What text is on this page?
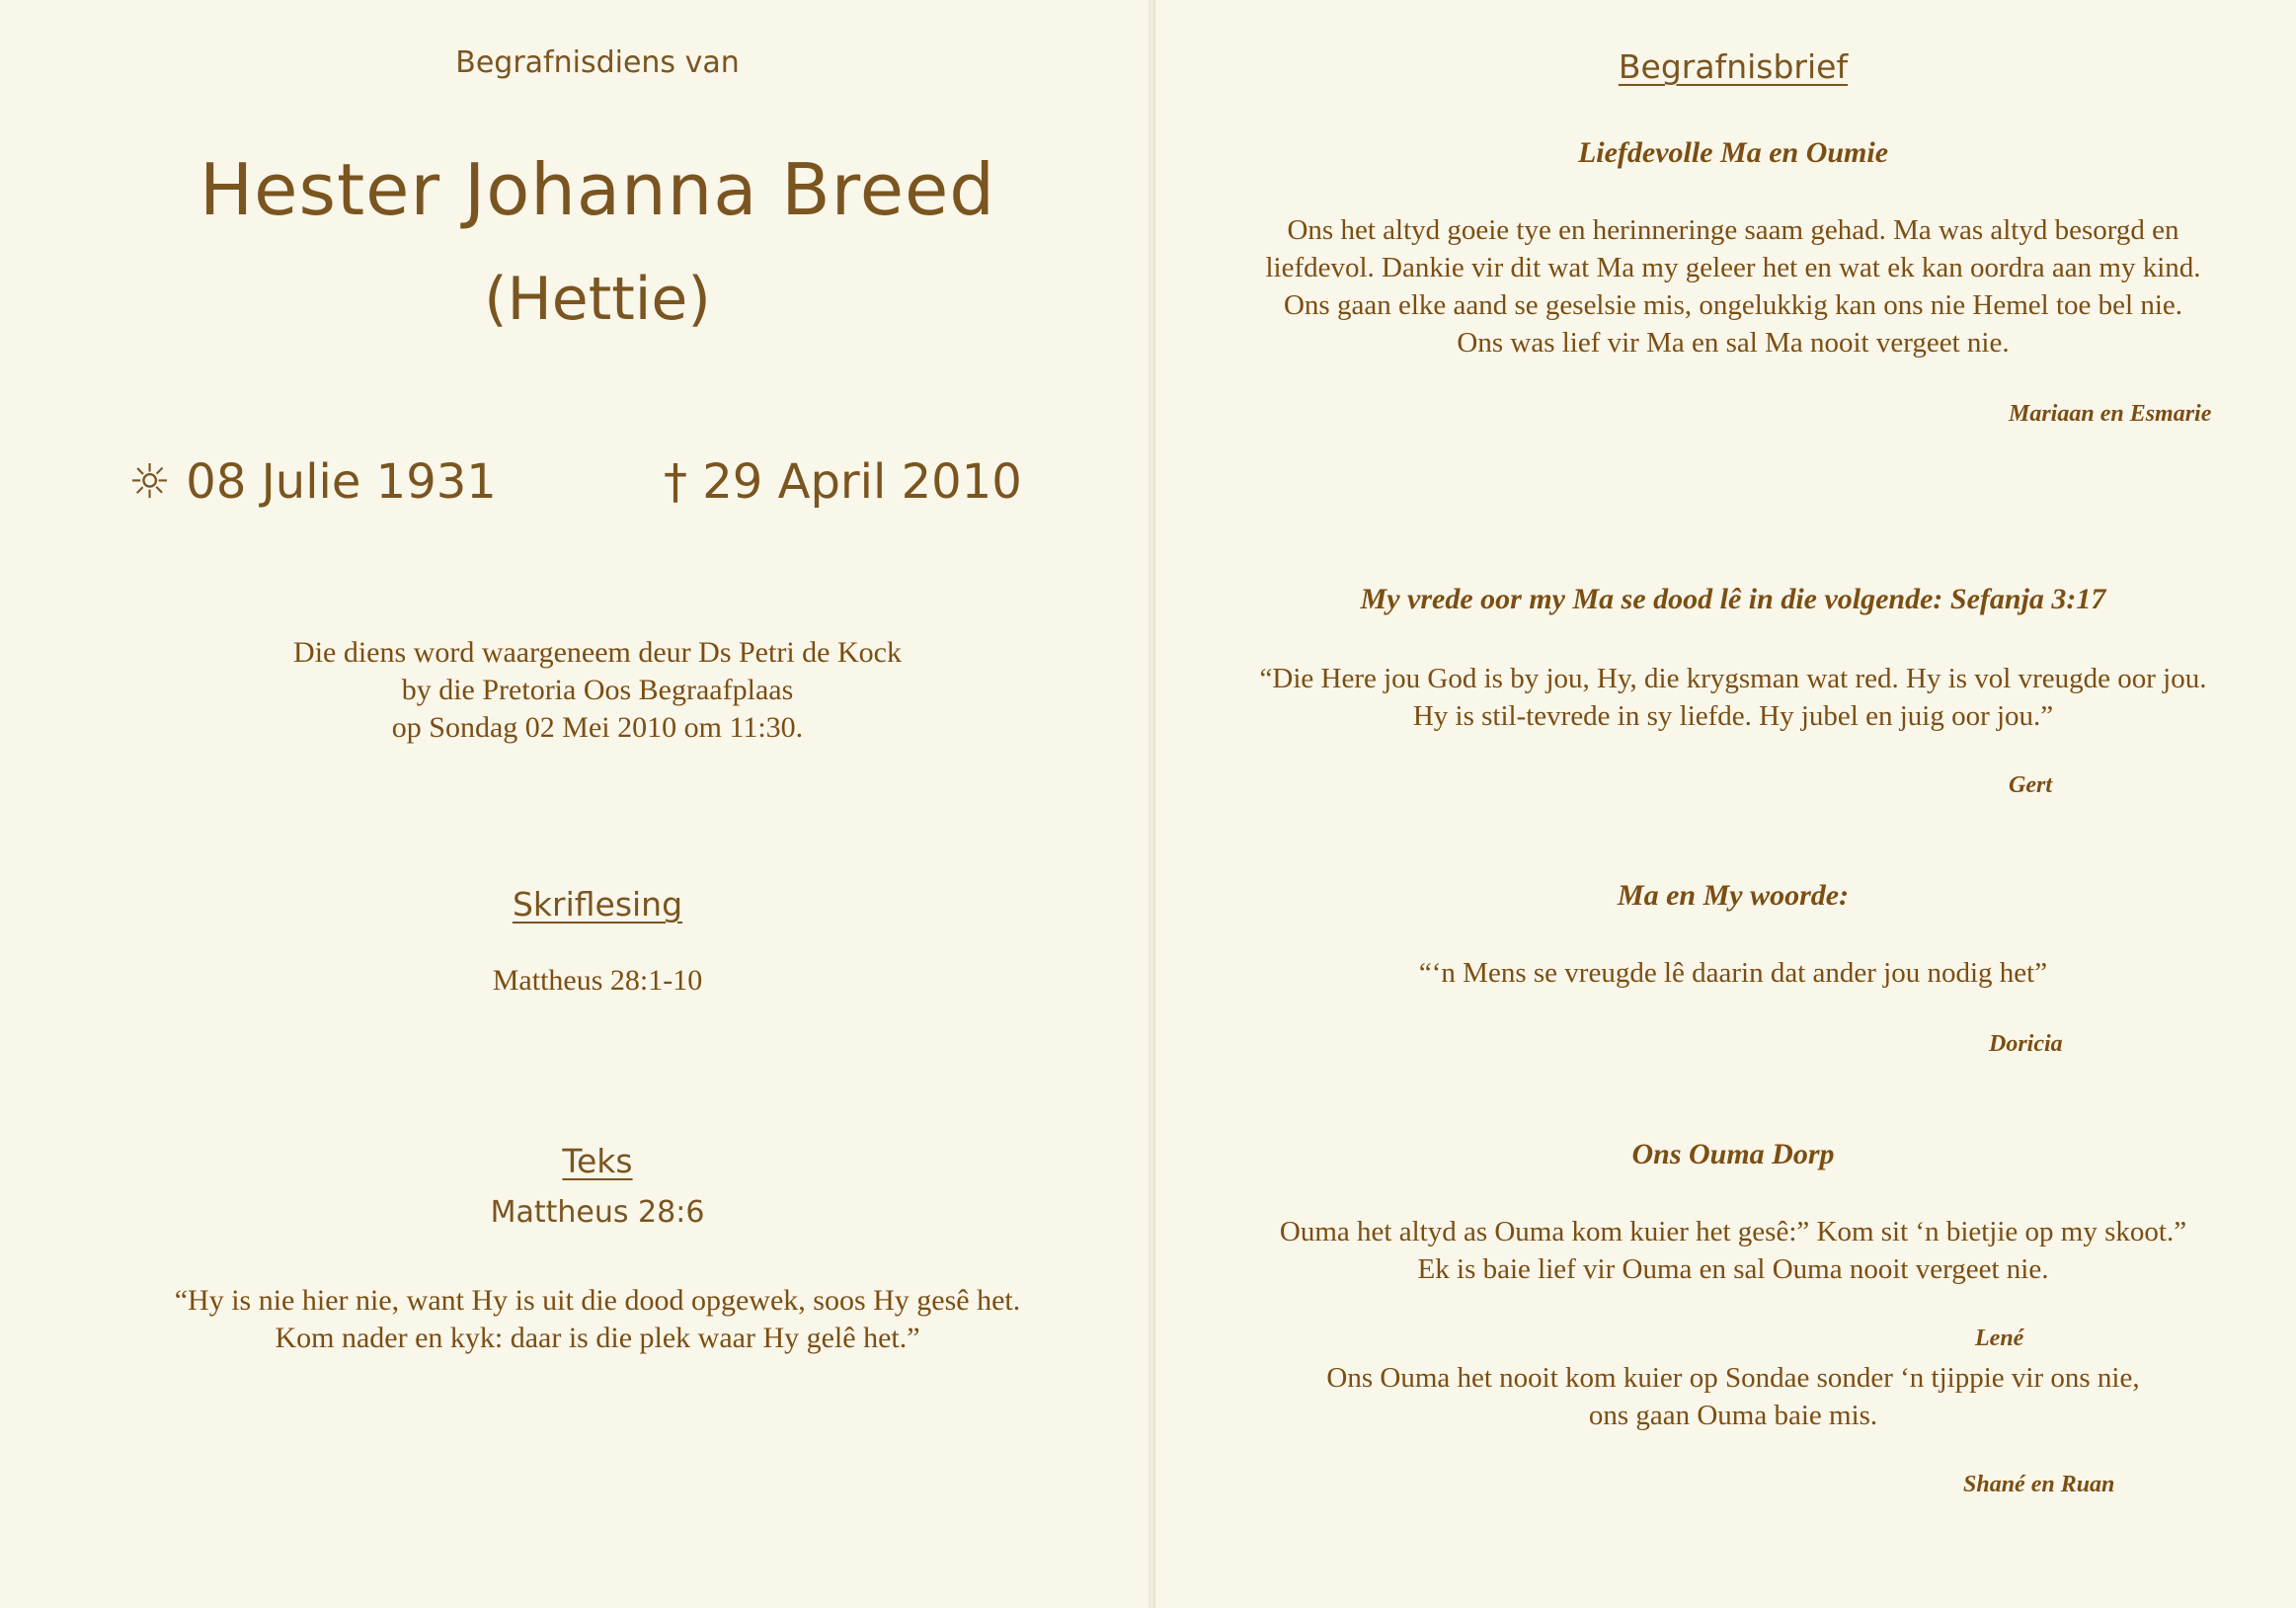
Begrafnisdiens van
Hester Johanna Breed
(Hettie)
☼ 08 Julie 1931	† 29 April 2010
Die diens word waargeneem deur Ds Petri de Kock
by die Pretoria Oos Begraafplaas
op Sondag 02 Mei 2010 om 11:30.
Skriflesing
Mattheus 28:1-10
Teks
Mattheus 28:6
“Hy is nie hier nie, want Hy is uit die dood opgewek, soos Hy gesê het.
Kom nader en kyk: daar is die plek waar Hy gelê het.”
Begrafnisbrief
Liefdevolle Ma en Oumie
Ons het altyd goeie tye en herinneringe saam gehad. Ma was altyd besorgd en
liefdevol. Dankie vir dit wat Ma my geleer het en wat ek kan oordra aan my kind.
Ons gaan elke aand se geselsie mis, ongelukkig kan ons nie Hemel toe bel nie.
Ons was lief vir Ma en sal Ma nooit vergeet nie.
Mariaan en Esmarie
My vrede oor my Ma se dood lê in die volgende: Sefanja 3:17
“Die Here jou God is by jou, Hy, die krygsman wat red. Hy is vol vreugde oor jou.
Hy is stil-tevrede in sy liefde. Hy jubel en juig oor jou.”
Gert
Ma en My woorde:
“‘n Mens se vreugde lê daarin dat ander jou nodig het”
Doricia
Ons Ouma Dorp
Ouma het altyd as Ouma kom kuier het gesê:” Kom sit ‘n bietjie op my skoot.”
Ek is baie lief vir Ouma en sal Ouma nooit vergeet nie.
Lené
Ons Ouma het nooit kom kuier op Sondae sonder ‘n tjippie vir ons nie,
ons gaan Ouma baie mis.
Shané en Ruan
